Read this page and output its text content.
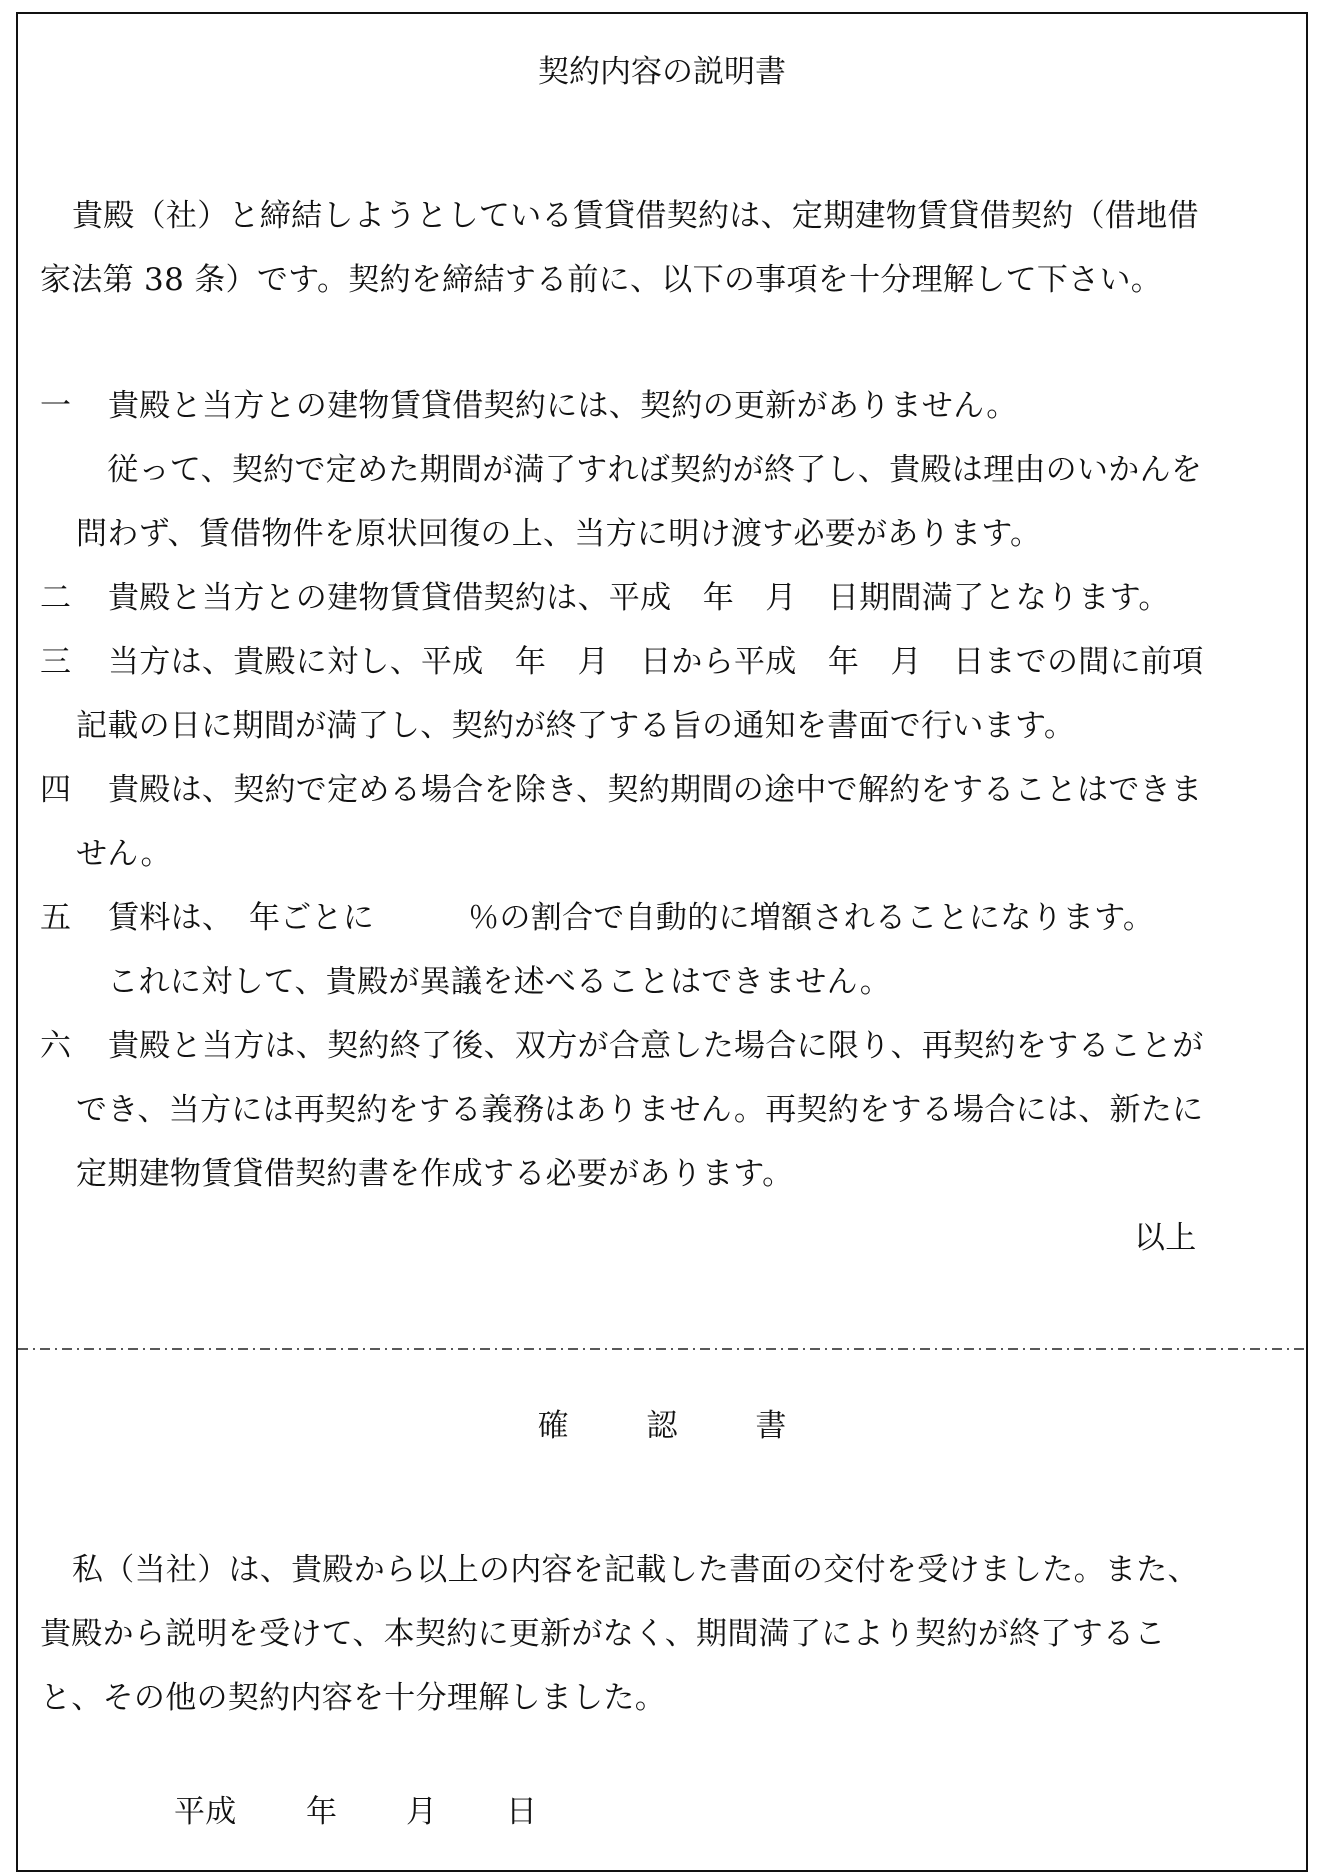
契約内容の説明書
貴殿（社）と締結しようとしている賃貸借契約は、定期建物賃貸借契約（借地借
家法第 38 条）です。契約を締結する前に、以下の事項を十分理解して下さい。
一 貴殿と当方との建物賃貸借契約には、契約の更新がありません。
　従って、契約で定めた期間が満了すれば契約が終了し、貴殿は理由のいかんを
問わず、賃借物件を原状回復の上、当方に明け渡す必要があります。
二 貴殿と当方との建物賃貸借契約は、平成　年　月　日期間満了となります。
三 当方は、貴殿に対し、平成　年　月　日から平成　年　月　日までの間に前項
記載の日に期間が満了し、契約が終了する旨の通知を書面で行います。
四 貴殿は、契約で定める場合を除き、契約期間の途中で解約をすることはできま
せん。
五 賃料は、　年ごとに　　　％の割合で自動的に増額されることになります。
　これに対して、貴殿が異議を述べることはできません。
六 貴殿と当方は、契約終了後、双方が合意した場合に限り、再契約をすることが
でき、当方には再契約をする義務はありません。再契約をする場合には、新たに
定期建物賃貸借契約書を作成する必要があります。
以上
確	認	書
私（当社）は、貴殿から以上の内容を記載した書面の交付を受けました。また、
貴殿から説明を受けて、本契約に更新がなく、期間満了により契約が終了するこ
と、その他の契約内容を十分理解しました。
平成 年 月 日
